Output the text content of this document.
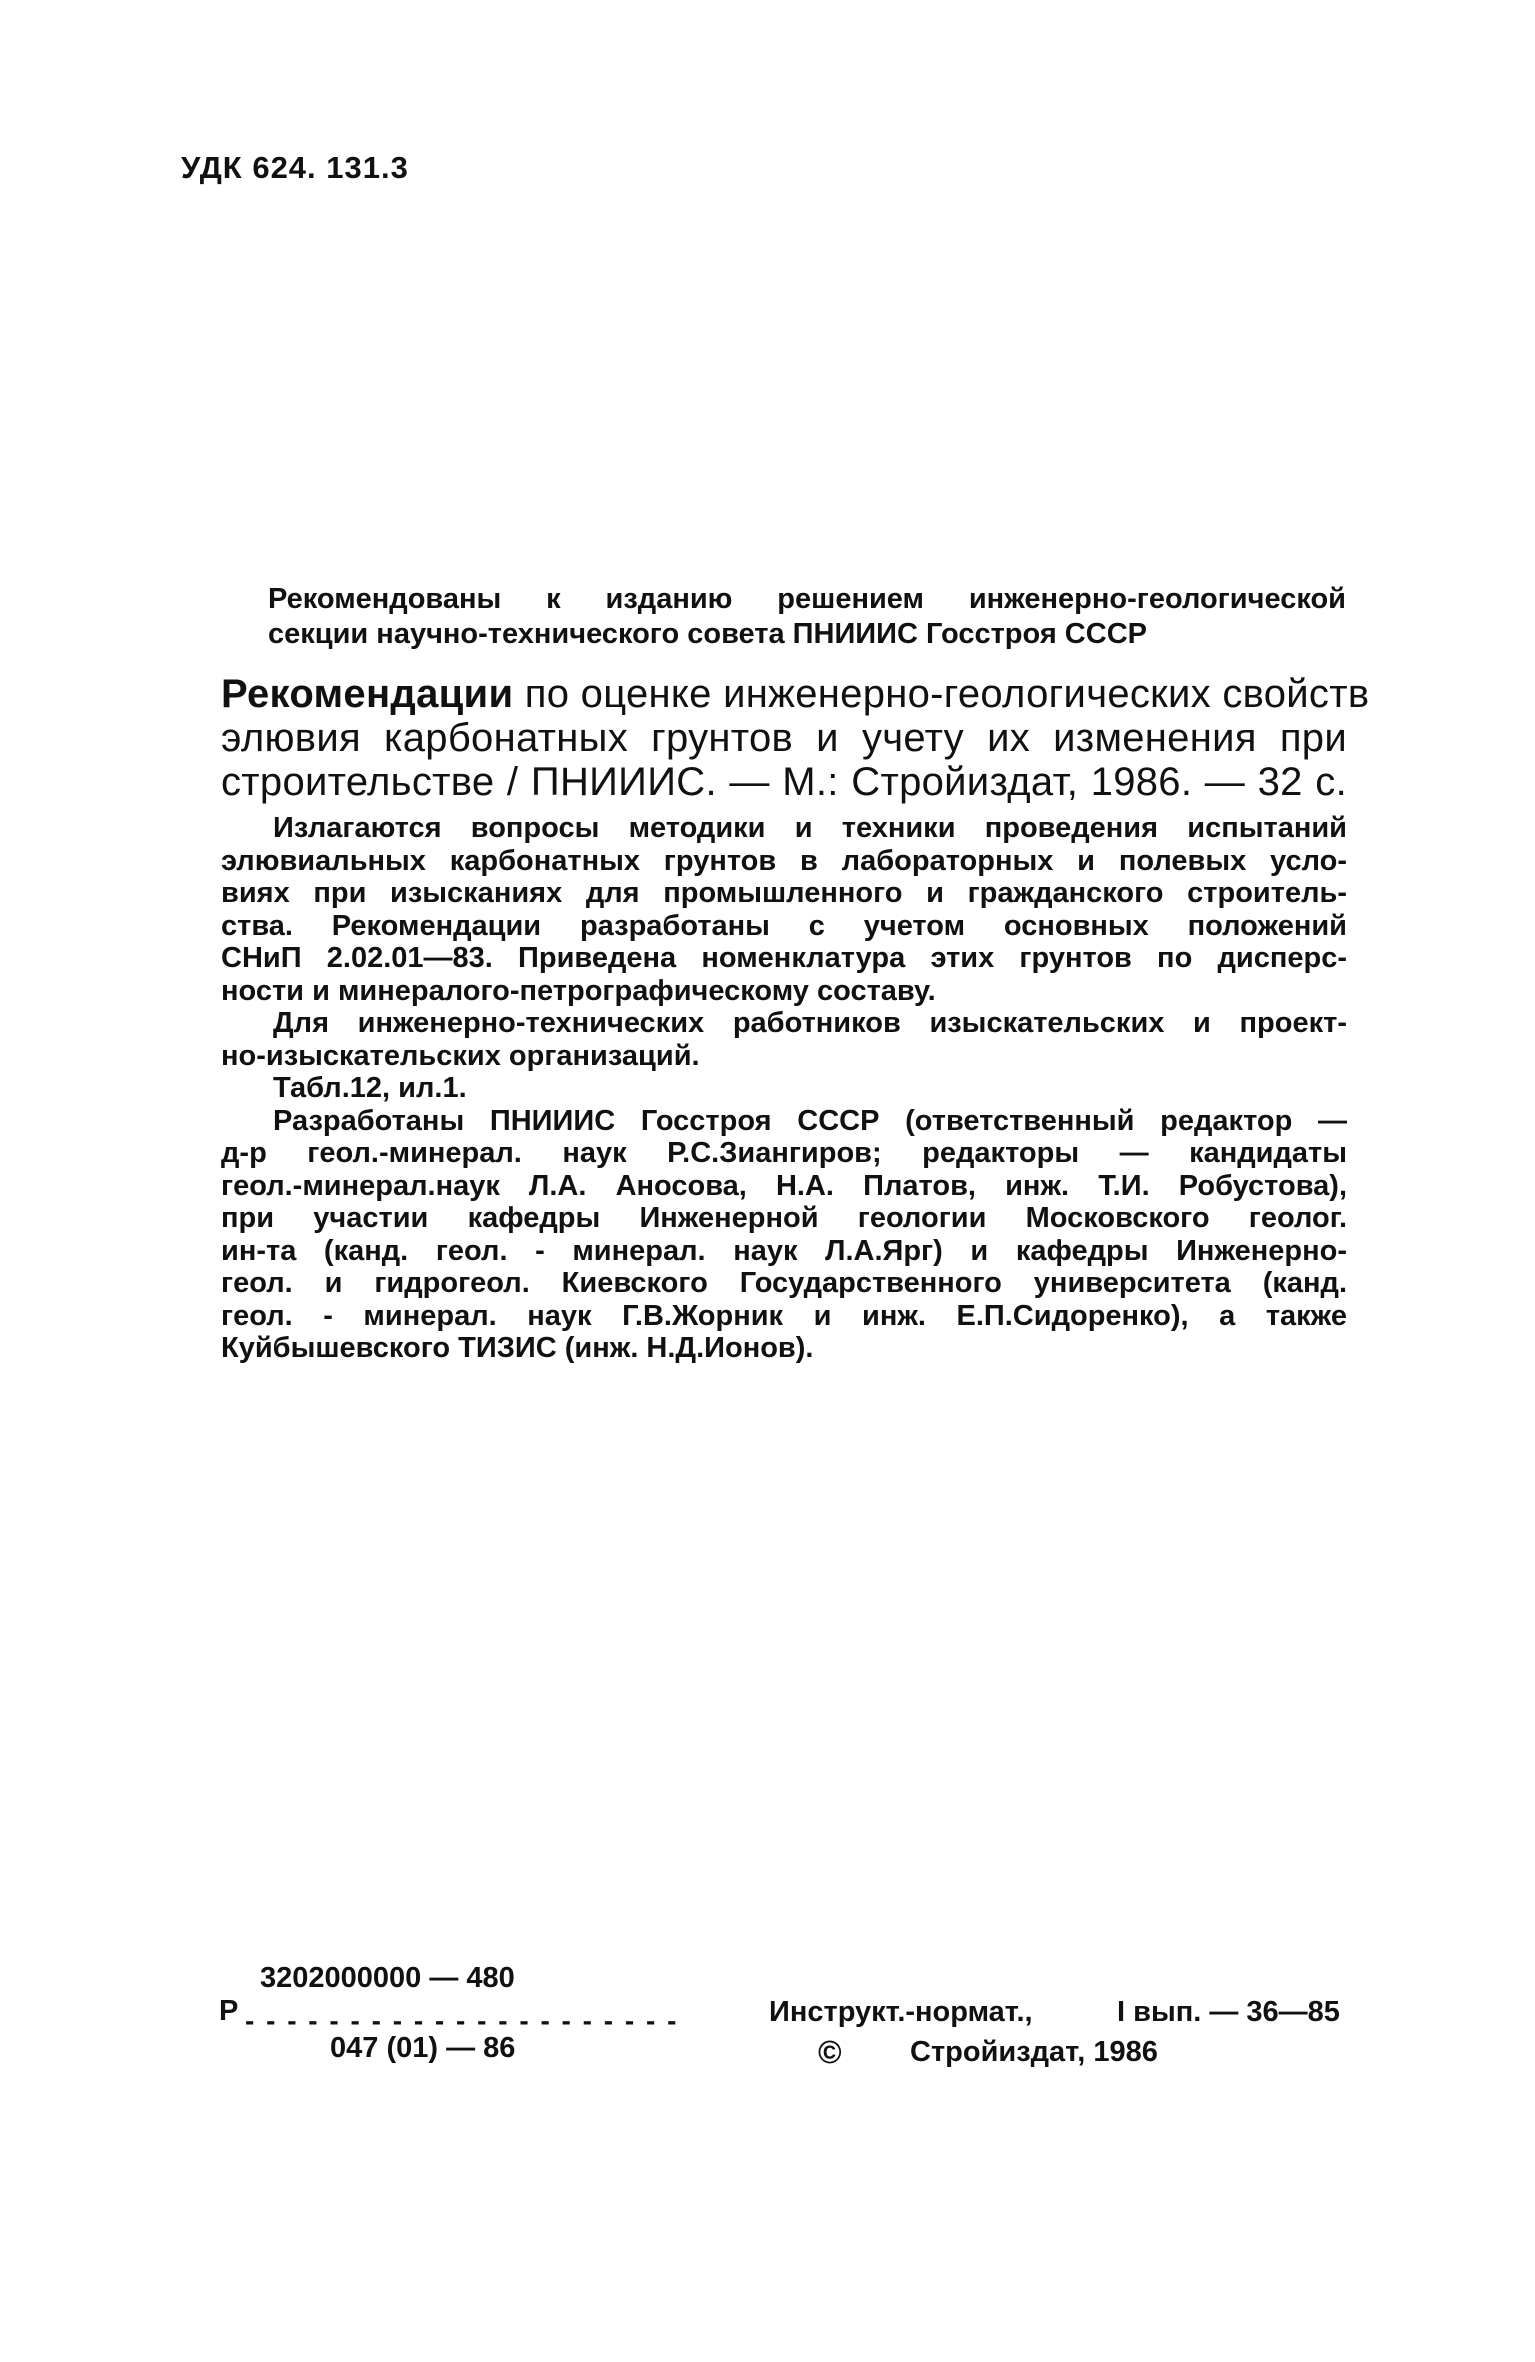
УДК 624. 131.3
Рекомендованы к изданию решением инженерно-геологической
секции научно-технического совета ПНИИИС Госстроя СССР
Рекомендации по оценке инженерно-геологических свойств
элювия карбонатных грунтов и учету их изменения при
строительстве / ПНИИИС. — М.: Стройиздат, 1986. — 32 с.
Излагаются вопросы методики и техники проведения испытаний
элювиальных карбонатных грунтов в лабораторных и полевых усло-
виях при изысканиях для промышленного и гражданского строитель-
ства. Рекомендации разработаны с учетом основных положений
СНиП 2.02.01—83. Приведена номенклатура этих грунтов по дисперс-
ности и минералого-петрографическому составу.
Для инженерно-технических работников изыскательских и проект-
но-изыскательских организаций.
Табл.12, ил.1.
Разработаны ПНИИИС Госстроя СССР (ответственный редактор —
д-р геол.-минерал. наук Р.С.Зиангиров; редакторы — кандидаты
геол.-минерал.наук Л.А. Аносова, Н.А. Платов, инж. Т.И. Робустова),
при участии кафедры Инженерной геологии Московского геолог.
ин-та (канд. геол. - минерал. наук Л.А.Ярг) и кафедры Инженерно-
геол. и гидрогеол. Киевского Государственного университета (канд.
геол. - минерал. наук Г.В.Жорник и инж. Е.П.Сидоренко), а также
Куйбышевского ТИЗИС (инж. Н.Д.Ионов).
Р
3202000000 — 480
- - - - - - - - - - - - - - - - - - - - -
047 (01) — 86
Инструкт.-нормат.,	I вып. — 36—85
© Стройиздат, 1986
